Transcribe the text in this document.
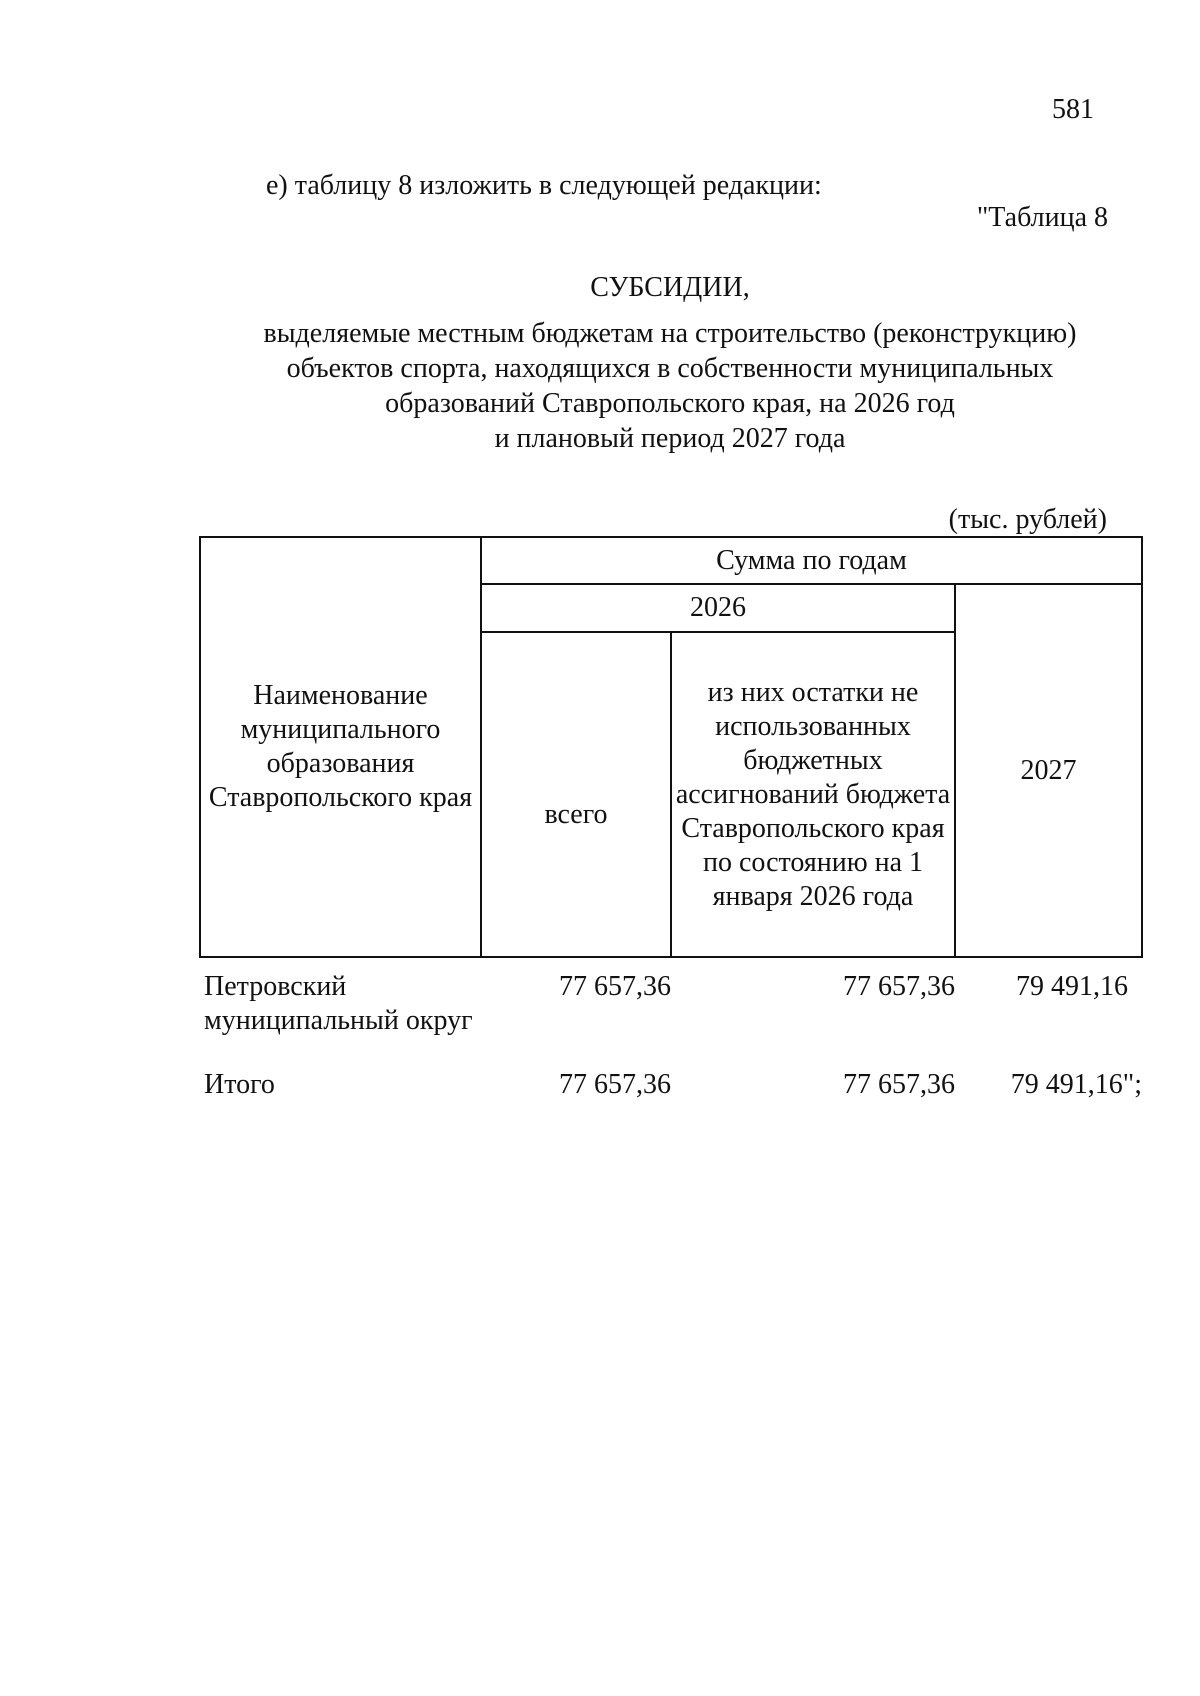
581
е) таблицу 8 изложить в следующей редакции:
"Таблица 8
СУБСИДИИ,
выделяемые местным бюджетам на строительство (реконструкцию)
объектов спорта, находящихся в собственности муниципальных
образований Ставропольского края, на 2026 год
и плановый период 2027 года
(тыс. рублей)
Наименование муниципального образования Ставропольского края	Сумма по годам		
	2026		2027
	всего	из них остатки не использованных бюджетных ассигнований бюджета Ставропольского края по состоянию на 1 января 2026 года	
Петровский муниципальный округ	77 657,36	77 657,36	79 491,16
Итого	77 657,36	77 657,36	79 491,16";
